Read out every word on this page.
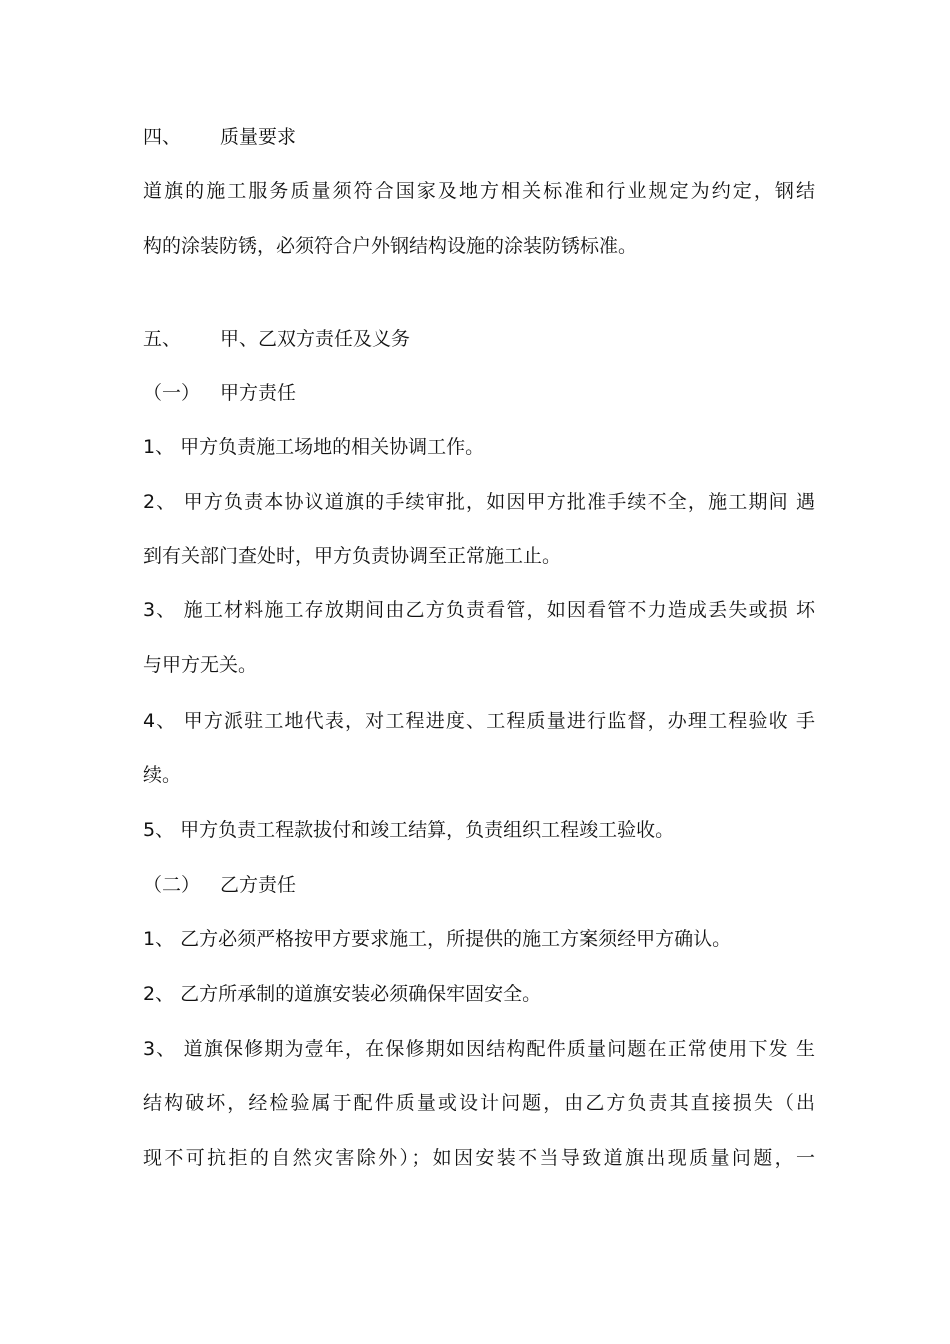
四、 质量要求
道旗的施工服务质量须符合国家及地方相关标准和行业规定为约定，钢结
构的涂装防锈，必须符合户外钢结构设施的涂装防锈标准。
五、 甲、乙双方责任及义务
（一） 甲方责任
1、 甲方负责施工场地的相关协调工作。
2、 甲方负责本协议道旗的手续审批，如因甲方批准手续不全，施工期间 遇
到有关部门查处时，甲方负责协调至正常施工止。
3、 施工材料施工存放期间由乙方负责看管，如因看管不力造成丢失或损 坏
与甲方无关。
4、 甲方派驻工地代表，对工程进度、工程质量进行监督，办理工程验收 手
续。
5、 甲方负责工程款拔付和竣工结算，负责组织工程竣工验收。
（二） 乙方责任
1、 乙方必须严格按甲方要求施工，所提供的施工方案须经甲方确认。
2、 乙方所承制的道旗安装必须确保牢固安全。
3、 道旗保修期为壹年，在保修期如因结构配件质量问题在正常使用下发 生
结构破坏，经检验属于配件质量或设计问题，由乙方负责其直接损失（出
现不可抗拒的自然灾害除外）；如因安装不当导致道旗出现质量问题，一
